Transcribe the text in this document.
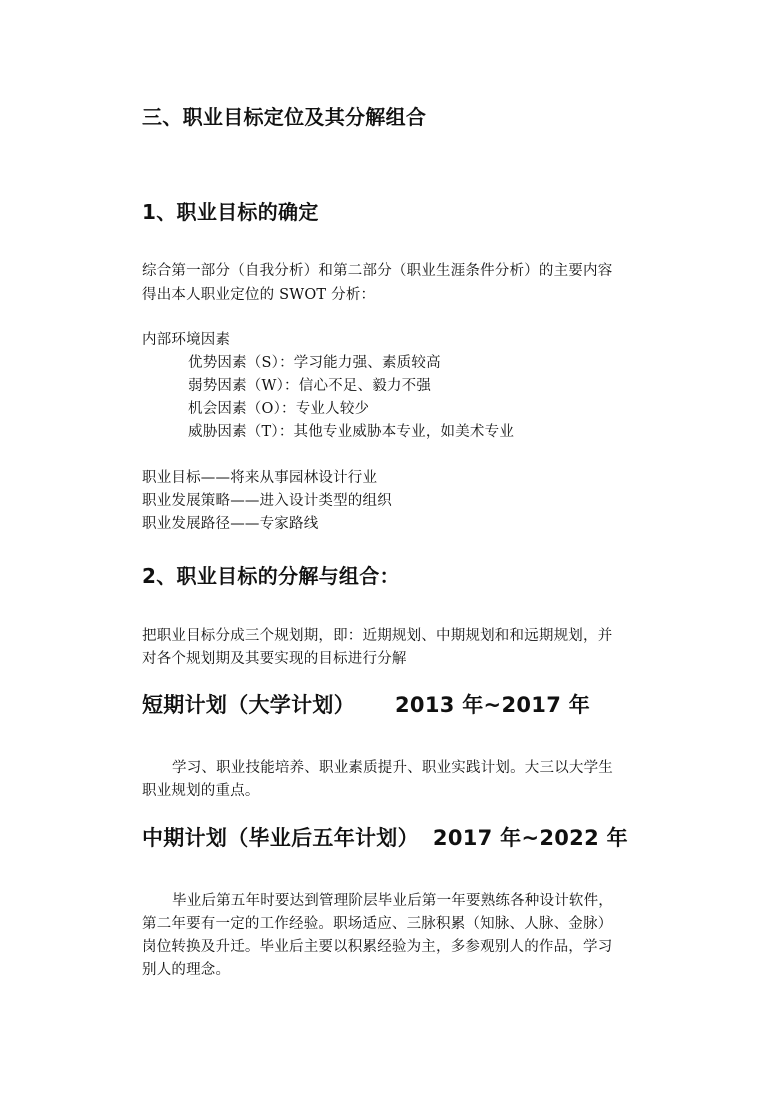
三、职业目标定位及其分解组合
1、职业目标的确定
综合第一部分（自我分析）和第二部分（职业生涯条件分析）的主要内容
得出本人职业定位的 SWOT 分析：
内部环境因素
优势因素（S）：学习能力强、素质较高
弱势因素（W）：信心不足、毅力不强
机会因素（O）：专业人较少
威胁因素（T）：其他专业威胁本专业，如美术专业
职业目标——将来从事园林设计行业
职业发展策略——进入设计类型的组织
职业发展路径——专家路线
2、职业目标的分解与组合：
把职业目标分成三个规划期，即：近期规划、中期规划和和远期规划，并
对各个规划期及其要实现的目标进行分解
短期计划（大学计划） 2013 年~2017 年
学习、职业技能培养、职业素质提升、职业实践计划。大三以大学生
职业规划的重点。
中期计划（毕业后五年计划） 2017 年~2022 年
毕业后第五年时要达到管理阶层毕业后第一年要熟练各种设计软件，
第二年要有一定的工作经验。职场适应、三脉积累（知脉、人脉、金脉）
岗位转换及升迁。毕业后主要以积累经验为主，多参观别人的作品，学习
别人的理念。
